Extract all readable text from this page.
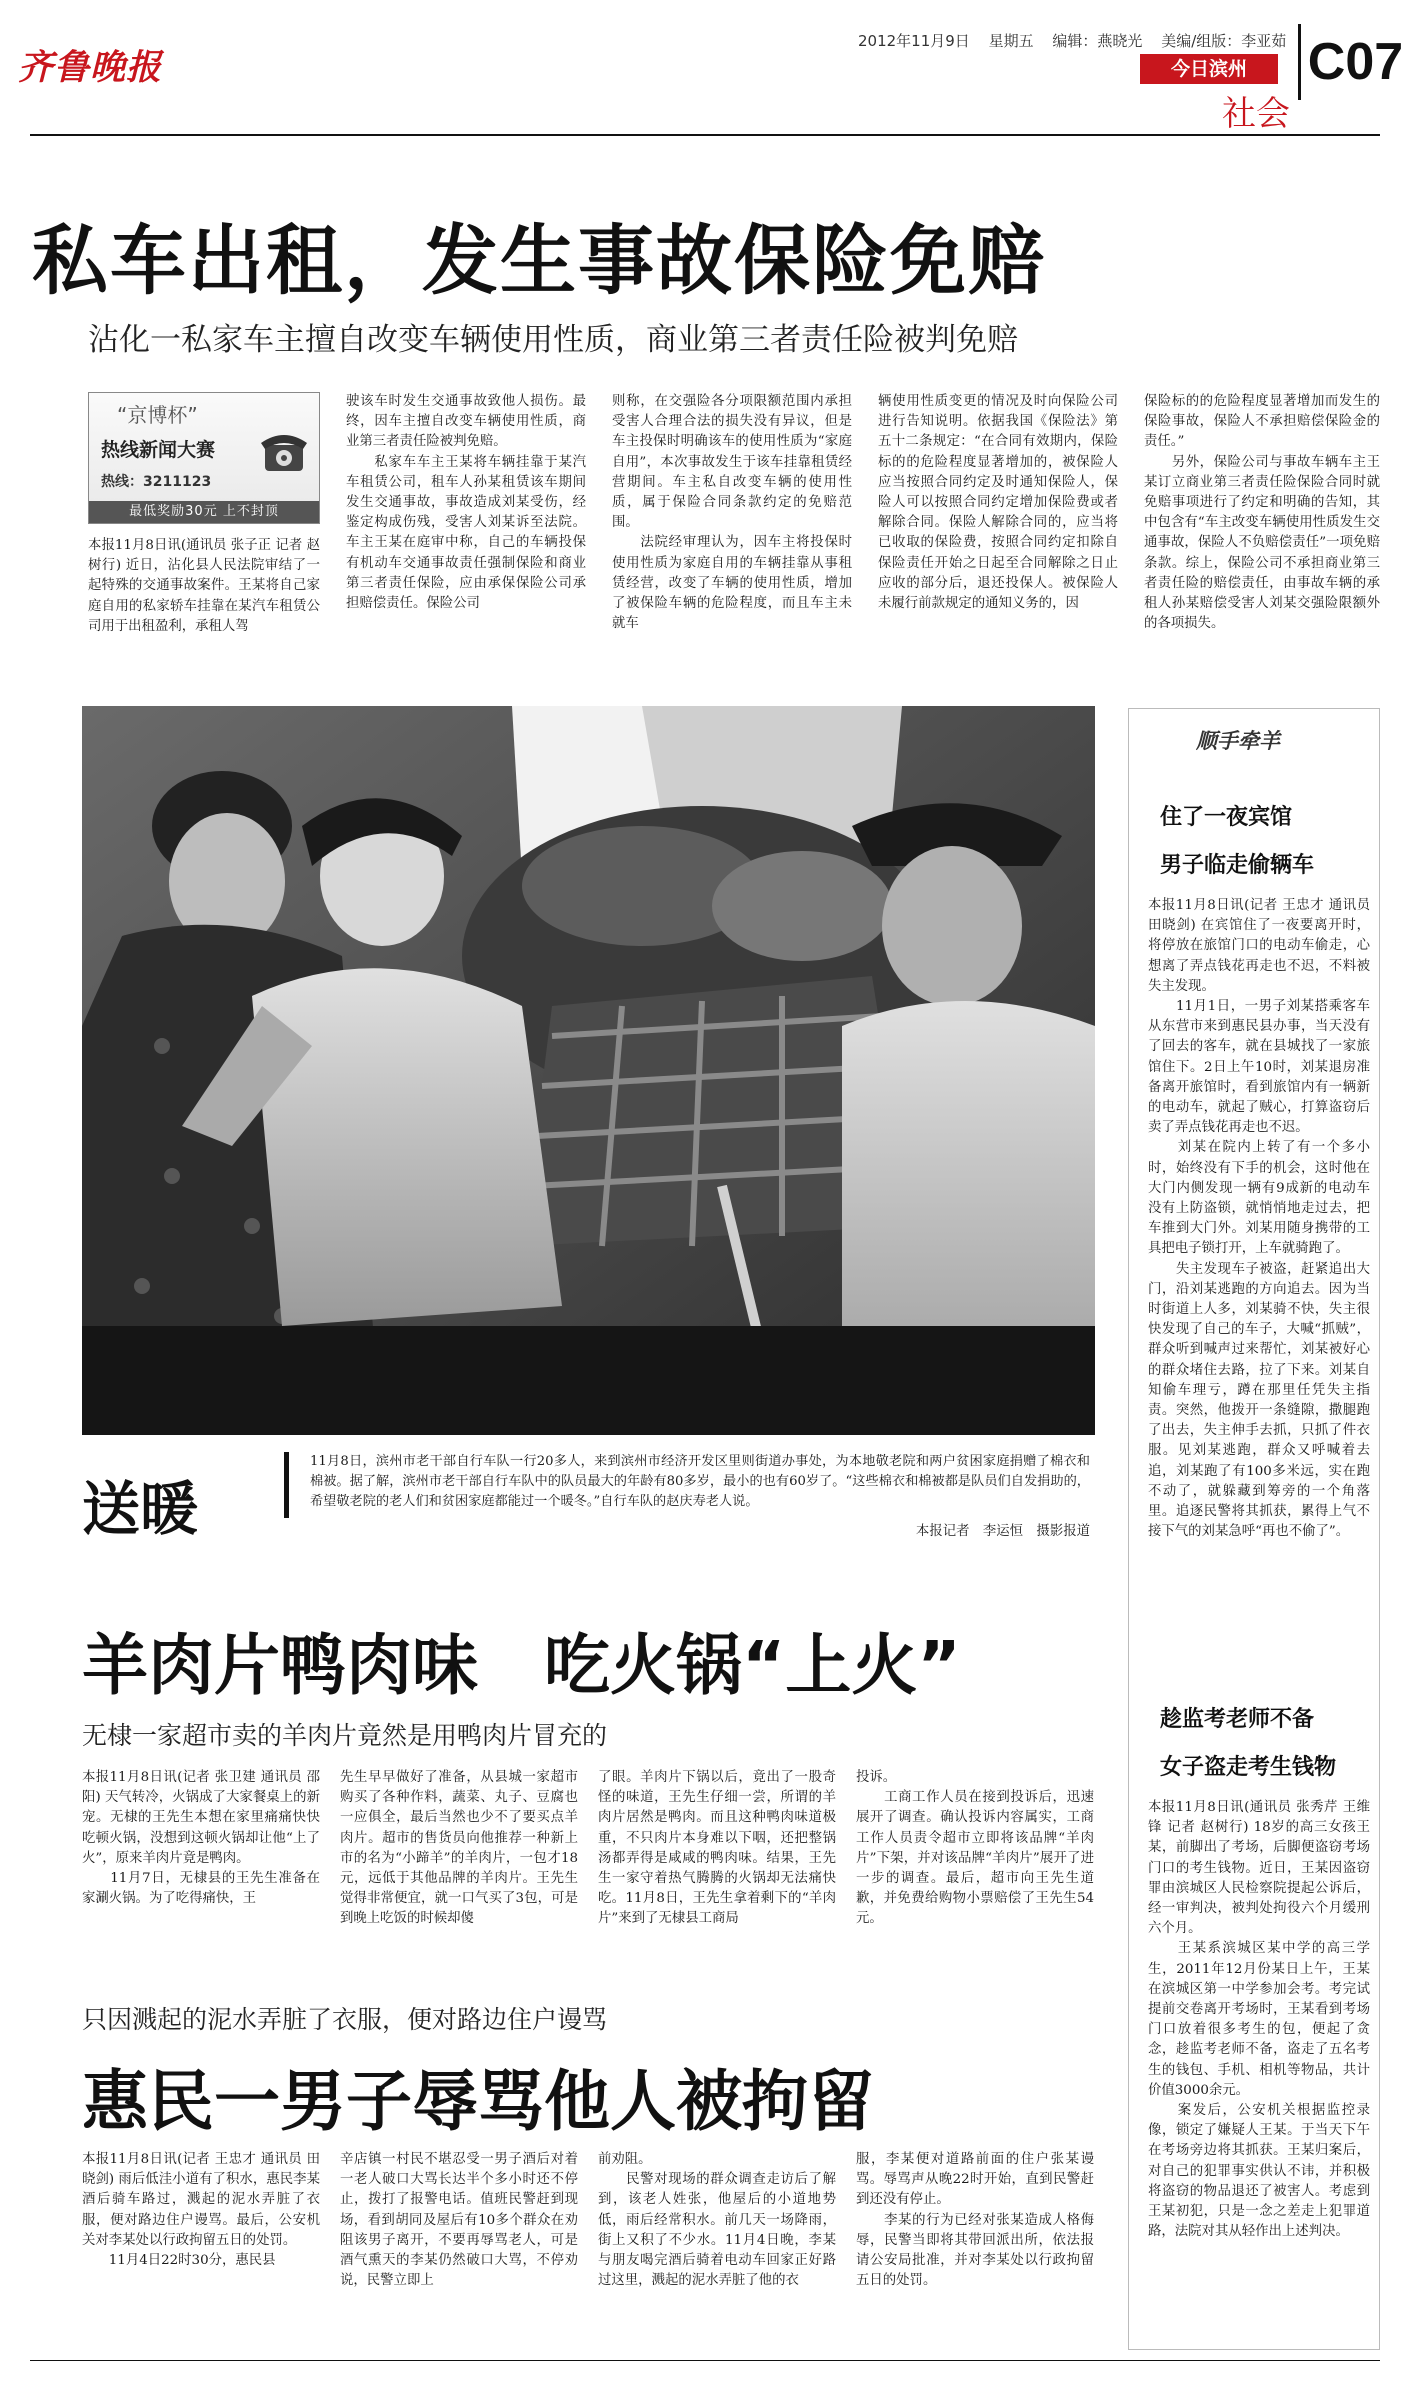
齐鲁晚报
2012年11月9日 星期五 编辑：燕晓光 美编/组版：李亚茹
今日滨州
社会
C07
私车出租，发生事故保险免赔
沾化一私家车主擅自改变车辆使用性质，商业第三者责任险被判免赔
“京博杯”
热线新闻大赛
热线：3211123
最低奖励30元 上不封顶
本报11月8日讯(通讯员 张子正 记者 赵树行) 近日，沾化县人民法院审结了一起特殊的交通事故案件。王某将自己家庭自用的私家轿车挂靠在某汽车租赁公司用于出租盈利，承租人驾
驶该车时发生交通事故致他人损伤。最终，因车主擅自改变车辆使用性质，商业第三者责任险被判免赔。
　　私家车车主王某将车辆挂靠于某汽车租赁公司，租车人孙某租赁该车期间发生交通事故，事故造成刘某受伤，经鉴定构成伤残，受害人刘某诉至法院。车主王某在庭审中称，自己的车辆投保有机动车交通事故责任强制保险和商业第三者责任保险，应由承保保险公司承担赔偿责任。保险公司
则称，在交强险各分项限额范围内承担受害人合理合法的损失没有异议，但是车主投保时明确该车的使用性质为“家庭自用”，本次事故发生于该车挂靠租赁经营期间。车主私自改变车辆的使用性质，属于保险合同条款约定的免赔范围。
　　法院经审理认为，因车主将投保时使用性质为家庭自用的车辆挂靠从事租赁经营，改变了车辆的使用性质，增加了被保险车辆的危险程度，而且车主未就车
辆使用性质变更的情况及时向保险公司进行告知说明。依据我国《保险法》第五十二条规定：“在合同有效期内，保险标的的危险程度显著增加的，被保险人应当按照合同约定及时通知保险人，保险人可以按照合同约定增加保险费或者解除合同。保险人解除合同的，应当将已收取的保险费，按照合同约定扣除自保险责任开始之日起至合同解除之日止应收的部分后，退还投保人。被保险人未履行前款规定的通知义务的，因
保险标的的危险程度显著增加而发生的保险事故，保险人不承担赔偿保险金的责任。”
　　另外，保险公司与事故车辆车主王某订立商业第三者责任险保险合同时就免赔事项进行了约定和明确的告知，其中包含有“车主改变车辆使用性质发生交通事故，保险人不负赔偿责任”一项免赔条款。综上，保险公司不承担商业第三者责任险的赔偿责任，由事故车辆的承租人孙某赔偿受害人刘某交强险限额外的各项损失。
送暖
11月8日，滨州市老干部自行车队一行20多人，来到滨州市经济开发区里则街道办事处，为本地敬老院和两户贫困家庭捐赠了棉衣和棉被。据了解，滨州市老干部自行车队中的队员最大的年龄有80多岁，最小的也有60岁了。“这些棉衣和棉被都是队员们自发捐助的，希望敬老院的老人们和贫困家庭都能过一个暖冬。”自行车队的赵庆寿老人说。
本报记者　李运恒　摄影报道
羊肉片鸭肉味　吃火锅“上火”
无棣一家超市卖的羊肉片竟然是用鸭肉片冒充的
本报11月8日讯(记者 张卫建 通讯员 邵阳) 天气转冷，火锅成了大家餐桌上的新宠。无棣的王先生本想在家里痛痛快快吃顿火锅，没想到这顿火锅却让他“上了火”，原来羊肉片竟是鸭肉。
　　11月7日，无棣县的王先生准备在家涮火锅。为了吃得痛快，王
先生早早做好了准备，从县城一家超市购买了各种作料，蔬菜、丸子、豆腐也一应俱全，最后当然也少不了要买点羊肉片。超市的售货员向他推荐一种新上市的名为“小蹄羊”的羊肉片，一包才18元，远低于其他品牌的羊肉片。王先生觉得非常便宜，就一口气买了3包，可是到晚上吃饭的时候却傻
了眼。羊肉片下锅以后，竟出了一股奇怪的味道，王先生仔细一尝，所谓的羊肉片居然是鸭肉。而且这种鸭肉味道极重，不只肉片本身难以下咽，还把整锅汤都弄得是咸咸的鸭肉味。结果，王先生一家守着热气腾腾的火锅却无法痛快吃。11月8日，王先生拿着剩下的“羊肉片”来到了无棣县工商局
投诉。
　　工商工作人员在接到投诉后，迅速展开了调查。确认投诉内容属实，工商工作人员责令超市立即将该品牌“羊肉片”下架，并对该品牌“羊肉片”展开了进一步的调查。最后，超市向王先生道歉，并免费给购物小票赔偿了王先生54元。
只因溅起的泥水弄脏了衣服，便对路边住户谩骂
惠民一男子辱骂他人被拘留
本报11月8日讯(记者 王忠才 通讯员 田晓剑) 雨后低洼小道有了积水，惠民李某酒后骑车路过，溅起的泥水弄脏了衣服，便对路边住户谩骂。最后，公安机关对李某处以行政拘留五日的处罚。
　　11月4日22时30分，惠民县
辛店镇一村民不堪忍受一男子酒后对着一老人破口大骂长达半个多小时还不停止，拨打了报警电话。值班民警赶到现场，看到胡同及屋后有10多个群众在劝阻该男子离开，不要再辱骂老人，可是酒气熏天的李某仍然破口大骂，不停劝说，民警立即上
前劝阻。
　　民警对现场的群众调查走访后了解到，该老人姓张，他屋后的小道地势低，雨后经常积水。前几天一场降雨，街上又积了不少水。11月4日晚，李某与朋友喝完酒后骑着电动车回家正好路过这里，溅起的泥水弄脏了他的衣
服，李某便对道路前面的住户张某谩骂。辱骂声从晚22时开始，直到民警赶到还没有停止。
　　李某的行为已经对张某造成人格侮辱，民警当即将其带回派出所，依法报请公安局批准，并对李某处以行政拘留五日的处罚。
顺手牵羊
住了一夜宾馆
男子临走偷辆车
本报11月8日讯(记者 王忠才 通讯员 田晓剑) 在宾馆住了一夜要离开时，将停放在旅馆门口的电动车偷走，心想离了弄点钱花再走也不迟，不料被失主发现。
　　11月1日，一男子刘某搭乘客车从东营市来到惠民县办事，当天没有了回去的客车，就在县城找了一家旅馆住下。2日上午10时，刘某退房准备离开旅馆时，看到旅馆内有一辆新的电动车，就起了贼心，打算盗窃后卖了弄点钱花再走也不迟。
　　刘某在院内上转了有一个多小时，始终没有下手的机会，这时他在大门内侧发现一辆有9成新的电动车没有上防盗锁，就悄悄地走过去，把车推到大门外。刘某用随身携带的工具把电子锁打开，上车就骑跑了。
　　失主发现车子被盗，赶紧追出大门，沿刘某逃跑的方向追去。因为当时街道上人多，刘某骑不快，失主很快发现了自己的车子，大喊“抓贼”，群众听到喊声过来帮忙，刘某被好心的群众堵住去路，拉了下来。刘某自知偷车理亏，蹲在那里任凭失主指责。突然，他拨开一条缝隙，撒腿跑了出去，失主伸手去抓，只抓了件衣服。见刘某逃跑，群众又呼喊着去追，刘某跑了有100多米远，实在跑不动了，就躲藏到筹旁的一个角落里。追逐民警将其抓获，累得上气不接下气的刘某急呼“再也不偷了”。
趁监考老师不备
女子盗走考生钱物
本报11月8日讯(通讯员 张秀芹 王维锋 记者 赵树行) 18岁的高三女孩王某，前脚出了考场，后脚便盗窃考场门口的考生钱物。近日，王某因盗窃罪由滨城区人民检察院提起公诉后，经一审判决，被判处拘役六个月缓刑六个月。
　　王某系滨城区某中学的高三学生，2011年12月份某日上午，王某在滨城区第一中学参加会考。考完试提前交卷离开考场时，王某看到考场门口放着很多考生的包，便起了贪念，趁监考老师不备，盗走了五名考生的钱包、手机、相机等物品，共计价值3000余元。
　　案发后，公安机关根据监控录像，锁定了嫌疑人王某。于当天下午在考场旁边将其抓获。王某归案后，对自己的犯罪事实供认不讳，并积极将盗窃的物品退还了被害人。考虑到王某初犯，只是一念之差走上犯罪道路，法院对其从轻作出上述判决。
